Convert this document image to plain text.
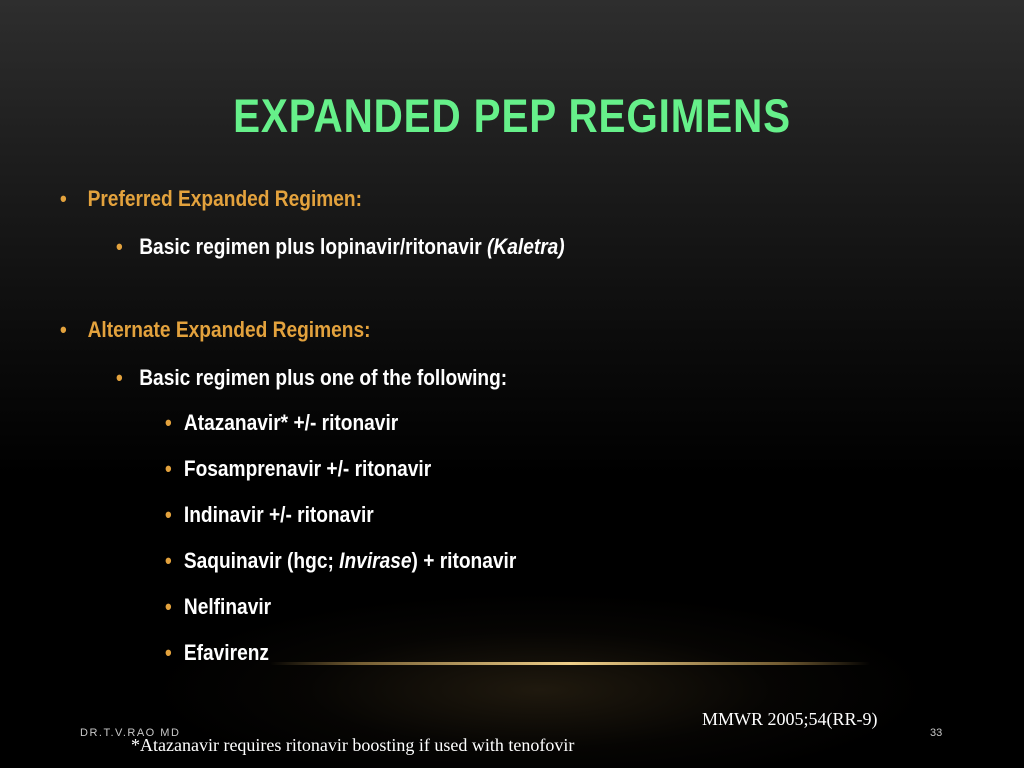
EXPANDED PEP REGIMENS
• Preferred Expanded Regimen:
• Basic regimen plus lopinavir/ritonavir (Kaletra)
• Alternate Expanded Regimens:
• Basic regimen plus one of the following:
• Atazanavir* +/- ritonavir
• Fosamprenavir +/- ritonavir
• Indinavir +/- ritonavir
• Saquinavir (hgc; Invirase) + ritonavir
• Nelfinavir
• Efavirenz
MMWR 2005;54(RR-9)
DR.T.V.RAO MD	33
*Atazanavir requires ritonavir boosting if used with tenofovir
